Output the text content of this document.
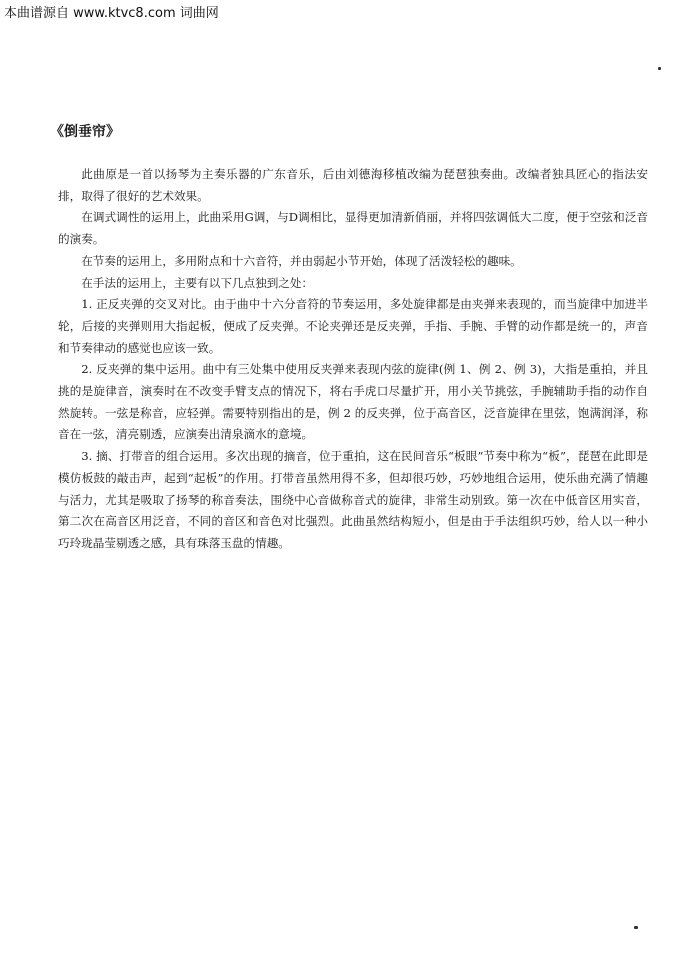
本曲谱源自 www.ktvc8.com 词曲网
《倒垂帘》

此曲原是一首以扬琴为主奏乐器的广东音乐，后由刘德海移植改编为琵琶独奏曲。改编者独具匠心的指法安排，取得了很好的艺术效果。

在调式调性的运用上，此曲采用G调，与D调相比，显得更加清新俏丽，并将四弦调低大二度，便于空弦和泛音的演奏。

在节奏的运用上，多用附点和十六音符，并由弱起小节开始，体现了活泼轻松的趣味。

在手法的运用上，主要有以下几点独到之处：

1. 正反夹弹的交叉对比。由于曲中十六分音符的节奏运用，多处旋律都是由夹弹来表现的，而当旋律中加进半轮，后接的夹弹则用大指起板，便成了反夹弹。不论夹弹还是反夹弹，手指、手腕、手臂的动作都是统一的，声音和节奏律动的感觉也应该一致。

2. 反夹弹的集中运用。曲中有三处集中使用反夹弹来表现内弦的旋律(例 1、例 2、例 3)，大指是重拍，并且挑的是旋律音，演奏时在不改变手臂支点的情况下，将右手虎口尽量扩开，用小关节挑弦，手腕辅助手指的动作自然旋转。一弦是称音，应轻弹。需要特别指出的是，例 2 的反夹弹，位于高音区，泛音旋律在里弦，饱满润泽，称音在一弦，清亮剔透，应演奏出清泉滴水的意境。

3. 摘、打带音的组合运用。多次出现的摘音，位于重拍，这在民间音乐“板眼”节奏中称为“板”，琵琶在此即是模仿板鼓的敲击声，起到“起板”的作用。打带音虽然用得不多，但却很巧妙，巧妙地组合运用，使乐曲充满了情趣与活力，尤其是吸取了扬琴的称音奏法，围绕中心音做称音式的旋律，非常生动别致。第一次在中低音区用实音，第二次在高音区用泛音，不同的音区和音色对比强烈。此曲虽然结构短小，但是由于手法组织巧妙，给人以一种小巧玲珑晶莹剔透之感，具有珠落玉盘的情趣。
